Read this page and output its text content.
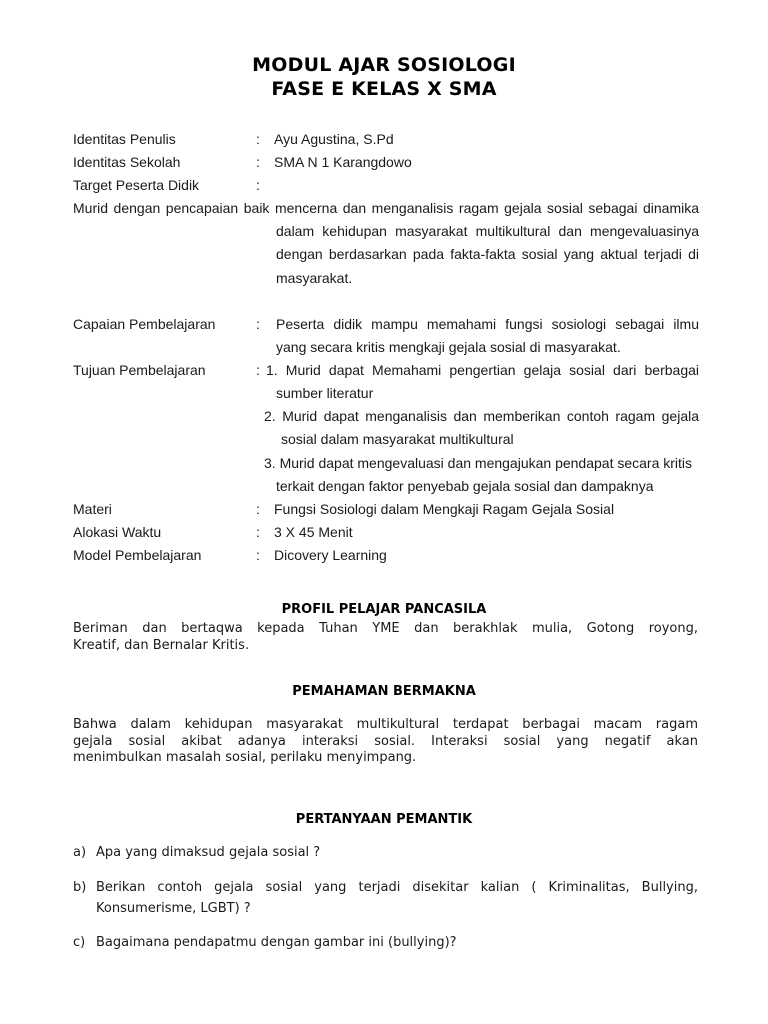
MODUL AJAR SOSIOLOGI
FASE E KELAS X SMA
Identitas Penulis	: Ayu Agustina, S.Pd
Identitas Sekolah	: SMA N 1 Karangdowo
Target Peserta Didik	:
Murid dengan pencapaian baik mencerna dan menganalisis ragam gejala sosial sebagai dinamika
dalam kehidupan masyarakat multikultural dan mengevaluasinya
dengan berdasarkan pada fakta-fakta sosial yang aktual terjadi di
masyarakat.
Capaian Pembelajaran	: Peserta didik mampu memahami fungsi sosiologi sebagai ilmu
yang secara kritis mengkaji gejala sosial di masyarakat.
Tujuan Pembelajaran	: 1. Murid dapat Memahami pengertian gelaja sosial dari berbagai
sumber literatur
2. Murid dapat menganalisis dan memberikan contoh ragam gejala
sosial dalam masyarakat multikultural
3. Murid dapat mengevaluasi dan mengajukan pendapat secara kritis
terkait dengan faktor penyebab gejala sosial dan dampaknya
Materi	: Fungsi Sosiologi dalam Mengkaji Ragam Gejala Sosial
Alokasi Waktu	: 3 X 45 Menit
Model Pembelajaran	: Dicovery Learning
PROFIL PELAJAR PANCASILA
Beriman dan bertaqwa kepada Tuhan YME dan berakhlak mulia, Gotong royong,
Kreatif, dan Bernalar Kritis.
PEMAHAMAN BERMAKNA
Bahwa dalam kehidupan masyarakat multikultural terdapat berbagai macam ragam
gejala sosial akibat adanya interaksi sosial. Interaksi sosial yang negatif akan
menimbulkan masalah sosial, perilaku menyimpang.
PERTANYAAN PEMANTIK
a) Apa yang dimaksud gejala sosial ?
b) Berikan contoh gejala sosial yang terjadi disekitar kalian ( Kriminalitas, Bullying,
Konsumerisme, LGBT) ?
c) Bagaimana pendapatmu dengan gambar ini (bullying)?
